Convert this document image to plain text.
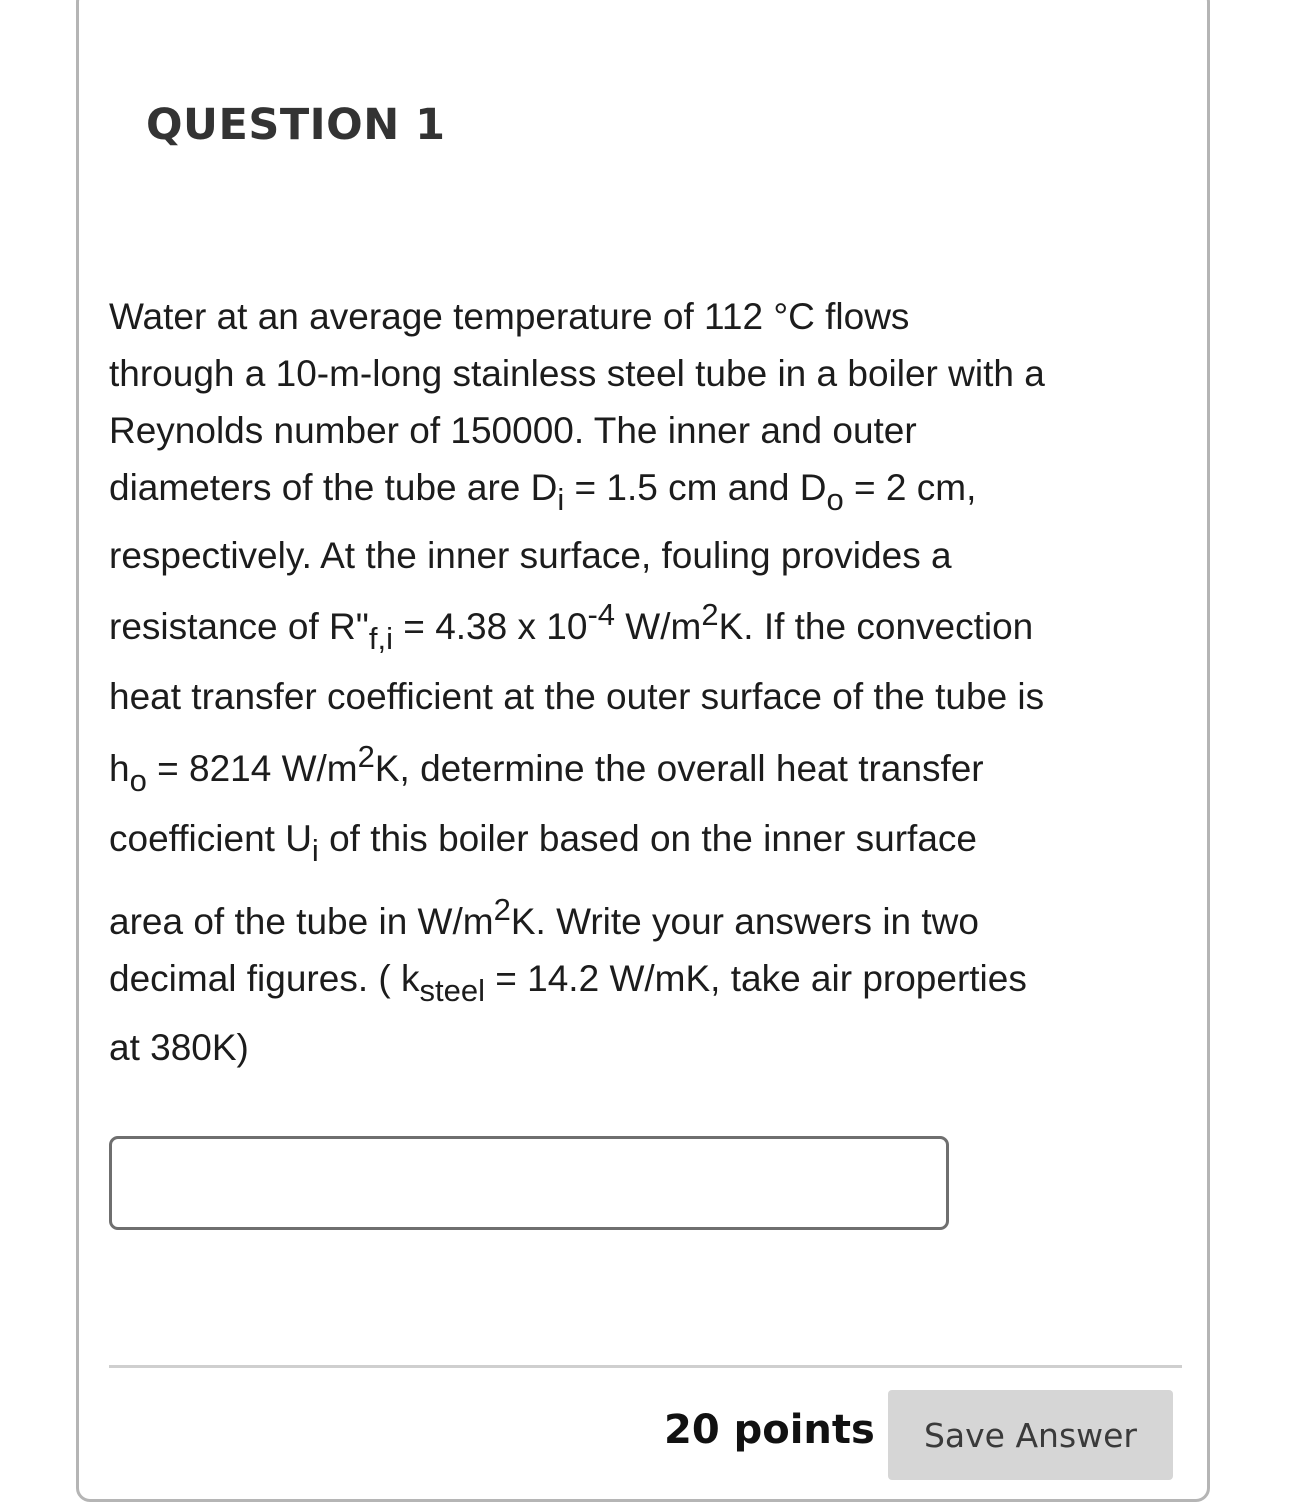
QUESTION 1
Water at an average temperature of 112 °C flows
through a 10-m-long stainless steel tube in a boiler with a
Reynolds number of 150000. The inner and outer
diameters of the tube are $D_i = 1.5$ cm and $D_o = 2$ cm,
respectively. At the inner surface, fouling provides a
resistance of $R"_{f,i} = 4.38$ x $10^{-4}$ $W/m^2K$. If the convection
heat transfer coefficient at the outer surface of the tube is
$h_o = 8214$ $W/m^2K$, determine the overall heat transfer
coefficient $U_i$ of this boiler based on the inner surface
area of the tube in $W/m^2K$. Write your answers in two
decimal figures. ( $k_{steel} = 14.2$ W/mK, take air properties
at 380K)
20 points	Save Answer
